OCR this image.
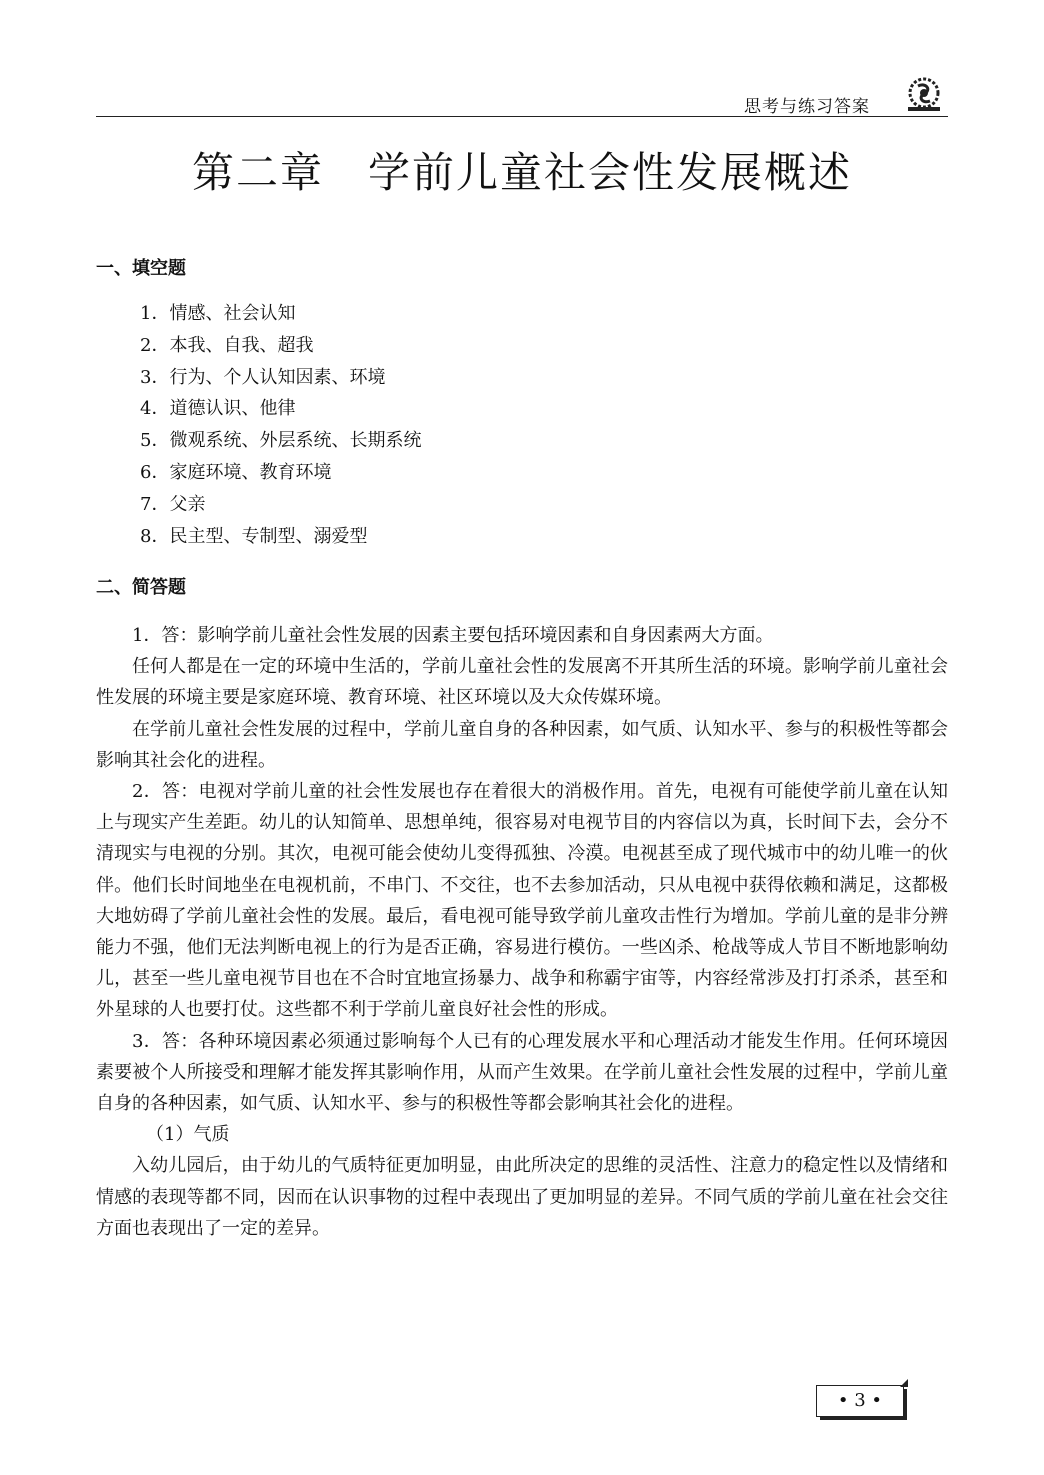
思考与练习答案
第二章　学前儿童社会性发展概述
一、填空题
1．情感、社会认知
2．本我、自我、超我
3．行为、个人认知因素、环境
4．道德认识、他律
5．微观系统、外层系统、长期系统
6．家庭环境、教育环境
7．父亲
8．民主型、专制型、溺爱型
二、简答题

1．答：影响学前儿童社会性发展的因素主要包括环境因素和自身因素两大方面。

任何人都是在一定的环境中生活的，学前儿童社会性的发展离不开其所生活的环境。影响学前儿童社会性发展的环境主要是家庭环境、教育环境、社区环境以及大众传媒环境。

在学前儿童社会性发展的过程中，学前儿童自身的各种因素，如气质、认知水平、参与的积极性等都会影响其社会化的进程。

2．答：电视对学前儿童的社会性发展也存在着很大的消极作用。首先，电视有可能使学前儿童在认知上与现实产生差距。幼儿的认知简单、思想单纯，很容易对电视节目的内容信以为真，长时间下去，会分不清现实与电视的分别。其次，电视可能会使幼儿变得孤独、冷漠。电视甚至成了现代城市中的幼儿唯一的伙伴。他们长时间地坐在电视机前，不串门、不交往，也不去参加活动，只从电视中获得依赖和满足，这都极大地妨碍了学前儿童社会性的发展。最后，看电视可能导致学前儿童攻击性行为增加。学前儿童的是非分辨能力不强，他们无法判断电视上的行为是否正确，容易进行模仿。一些凶杀、枪战等成人节目不断地影响幼儿，甚至一些儿童电视节目也在不合时宜地宣扬暴力、战争和称霸宇宙等，内容经常涉及打打杀杀，甚至和外星球的人也要打仗。这些都不利于学前儿童良好社会性的形成。

3．答：各种环境因素必须通过影响每个人已有的心理发展水平和心理活动才能发生作用。任何环境因素要被个人所接受和理解才能发挥其影响作用，从而产生效果。在学前儿童社会性发展的过程中，学前儿童自身的各种因素，如气质、认知水平、参与的积极性等都会影响其社会化的进程。

（1）气质

入幼儿园后，由于幼儿的气质特征更加明显，由此所决定的思维的灵活性、注意力的稳定性以及情绪和情感的表现等都不同，因而在认识事物的过程中表现出了更加明显的差异。不同气质的学前儿童在社会交往方面也表现出了一定的差异。

• 3 •
